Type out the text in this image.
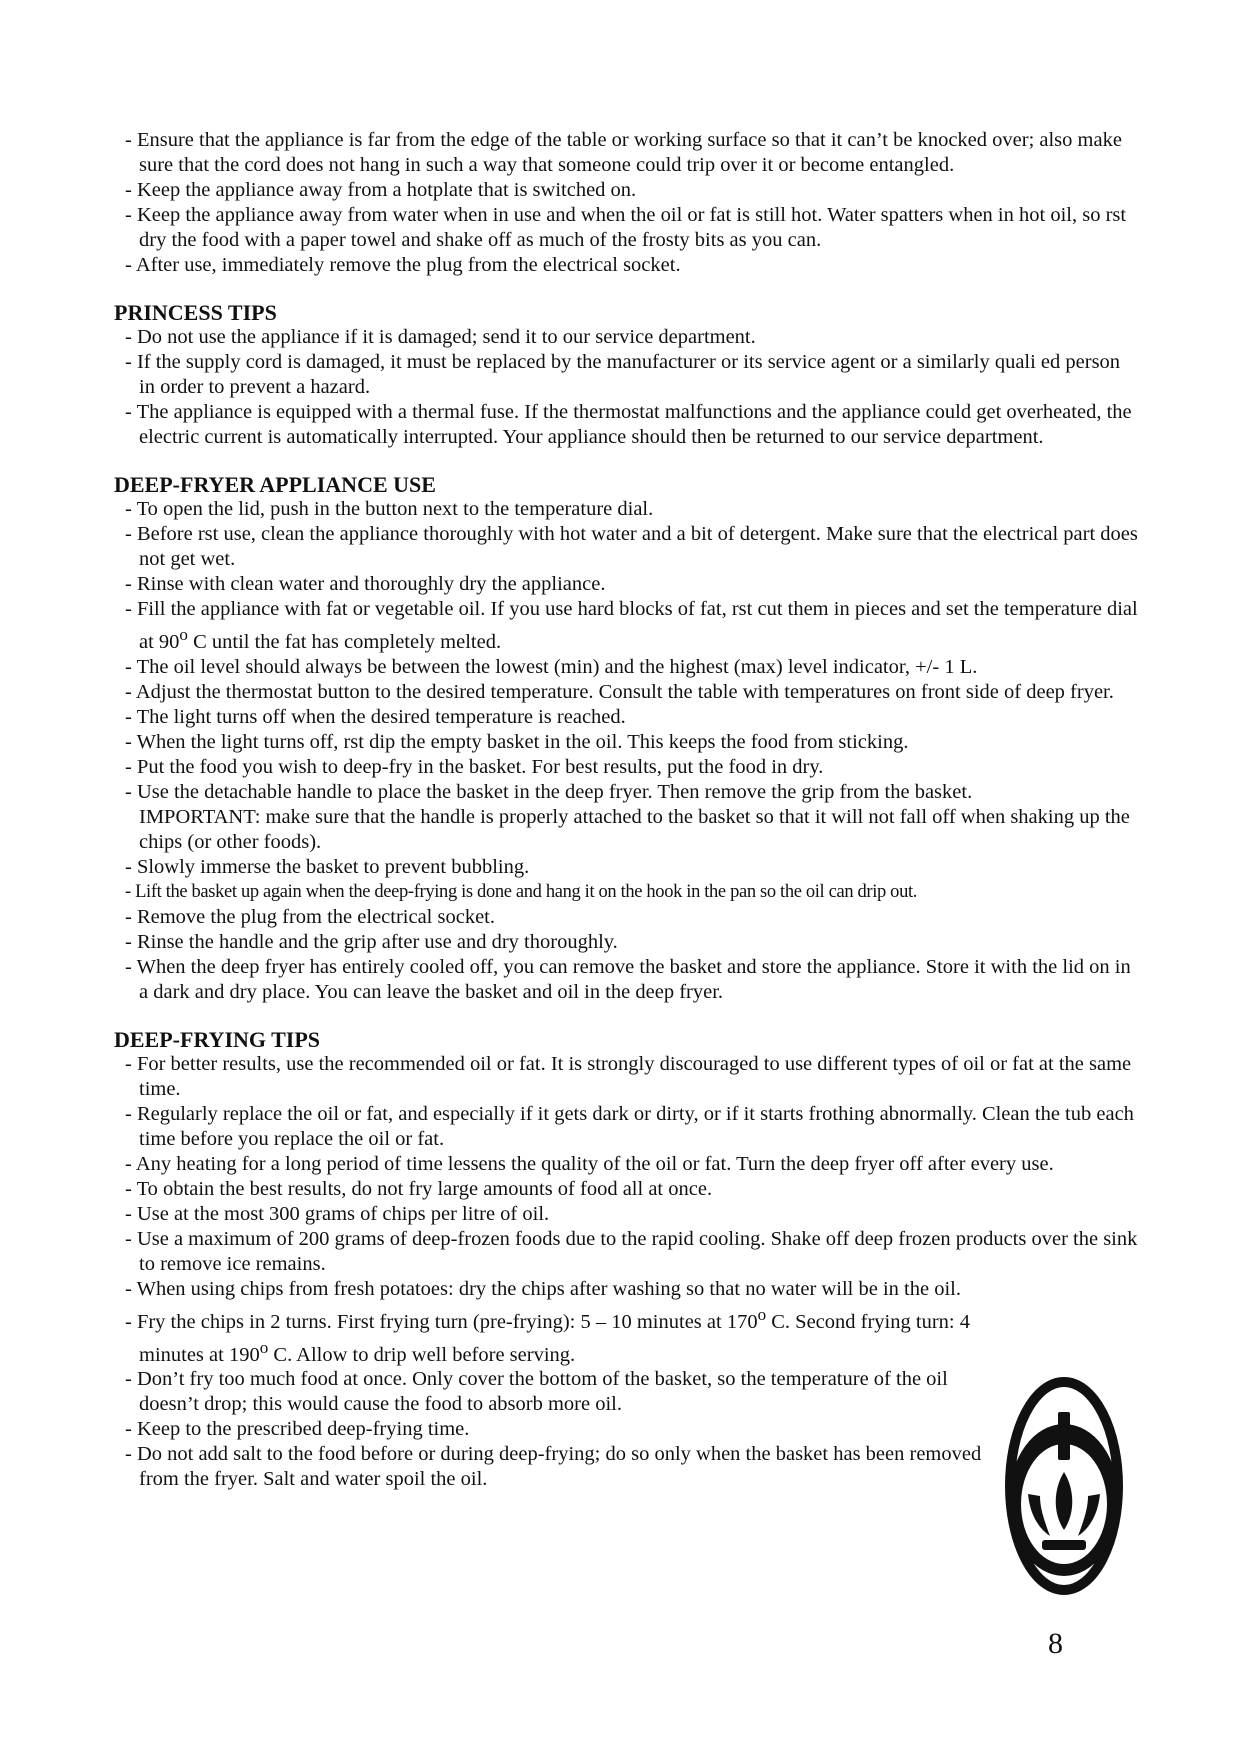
- Ensure that the appliance is far from the edge of the table or working surface so that it can’t be knocked over; also make sure that the cord does not hang in such a way that someone could trip over it or become entangled.

- Keep the appliance away from a hotplate that is switched on.

- Keep the appliance away from water when in use and when the oil or fat is still hot. Water spatters when in hot oil, so rst dry the food with a paper towel and shake off as much of the frosty bits as you can.

- After use, immediately remove the plug from the electrical socket.

PRINCESS TIPS

- Do not use the appliance if it is damaged; send it to our service department.

- If the supply cord is damaged, it must be replaced by the manufacturer or its service agent or a similarly quali ed person in order to prevent a hazard.

- The appliance is equipped with a thermal fuse. If the thermostat malfunctions and the appliance could get overheated, the electric current is automatically interrupted. Your appliance should then be returned to our service department.

DEEP-FRYER APPLIANCE USE

- To open the lid, push in the button next to the temperature dial.

- Before rst use, clean the appliance thoroughly with hot water and a bit of detergent. Make sure that the electrical part does not get wet.

- Rinse with clean water and thoroughly dry the appliance.

- Fill the appliance with fat or vegetable oil. If you use hard blocks of fat, rst cut them in pieces and set the temperature dial at 90$^o$ C until the fat has completely melted.

- The oil level should always be between the lowest (min) and the highest (max) level indicator, +/- 1 L.

- Adjust the thermostat button to the desired temperature. Consult the table with temperatures on front side of deep fryer.

- The light turns off when the desired temperature is reached.

- When the light turns off, rst dip the empty basket in the oil. This keeps the food from sticking.

- Put the food you wish to deep-fry in the basket. For best results, put the food in dry.

- Use the detachable handle to place the basket in the deep fryer. Then remove the grip from the basket.
IMPORTANT: make sure that the handle is properly attached to the basket so that it will not fall off when shaking up the chips (or other foods).

- Slowly immerse the basket to prevent bubbling.

- Lift the basket up again when the deep-frying is done and hang it on the hook in the pan so the oil can drip out.

- Remove the plug from the electrical socket.

- Rinse the handle and the grip after use and dry thoroughly.

- When the deep fryer has entirely cooled off, you can remove the basket and store the appliance. Store it with the lid on in a dark and dry place. You can leave the basket and oil in the deep fryer.

DEEP-FRYING TIPS

- For better results, use the recommended oil or fat. It is strongly discouraged to use different types of oil or fat at the same time.

- Regularly replace the oil or fat, and especially if it gets dark or dirty, or if it starts frothing abnormally. Clean the tub each time before you replace the oil or fat.

- Any heating for a long period of time lessens the quality of the oil or fat. Turn the deep fryer off after every use.

- To obtain the best results, do not fry large amounts of food all at once.

- Use at the most 300 grams of chips per litre of oil.

- Use a maximum of 200 grams of deep-frozen foods due to the rapid cooling. Shake off deep frozen products over the sink to remove ice remains.

- When using chips from fresh potatoes: dry the chips after washing so that no water will be in the oil.

- Fry the chips in 2 turns. First frying turn (pre-frying): 5 – 10 minutes at 170$^o$ C. Second frying turn: 4 minutes at 190$^o$ C. Allow to drip well before serving.

- Don’t fry too much food at once. Only cover the bottom of the basket, so the temperature of the oil doesn’t drop; this would cause the food to absorb more oil.

- Keep to the prescribed deep-frying time.

- Do not add salt to the food before or during deep-frying; do so only when the basket has been removed from the fryer. Salt and water spoil the oil.

8
